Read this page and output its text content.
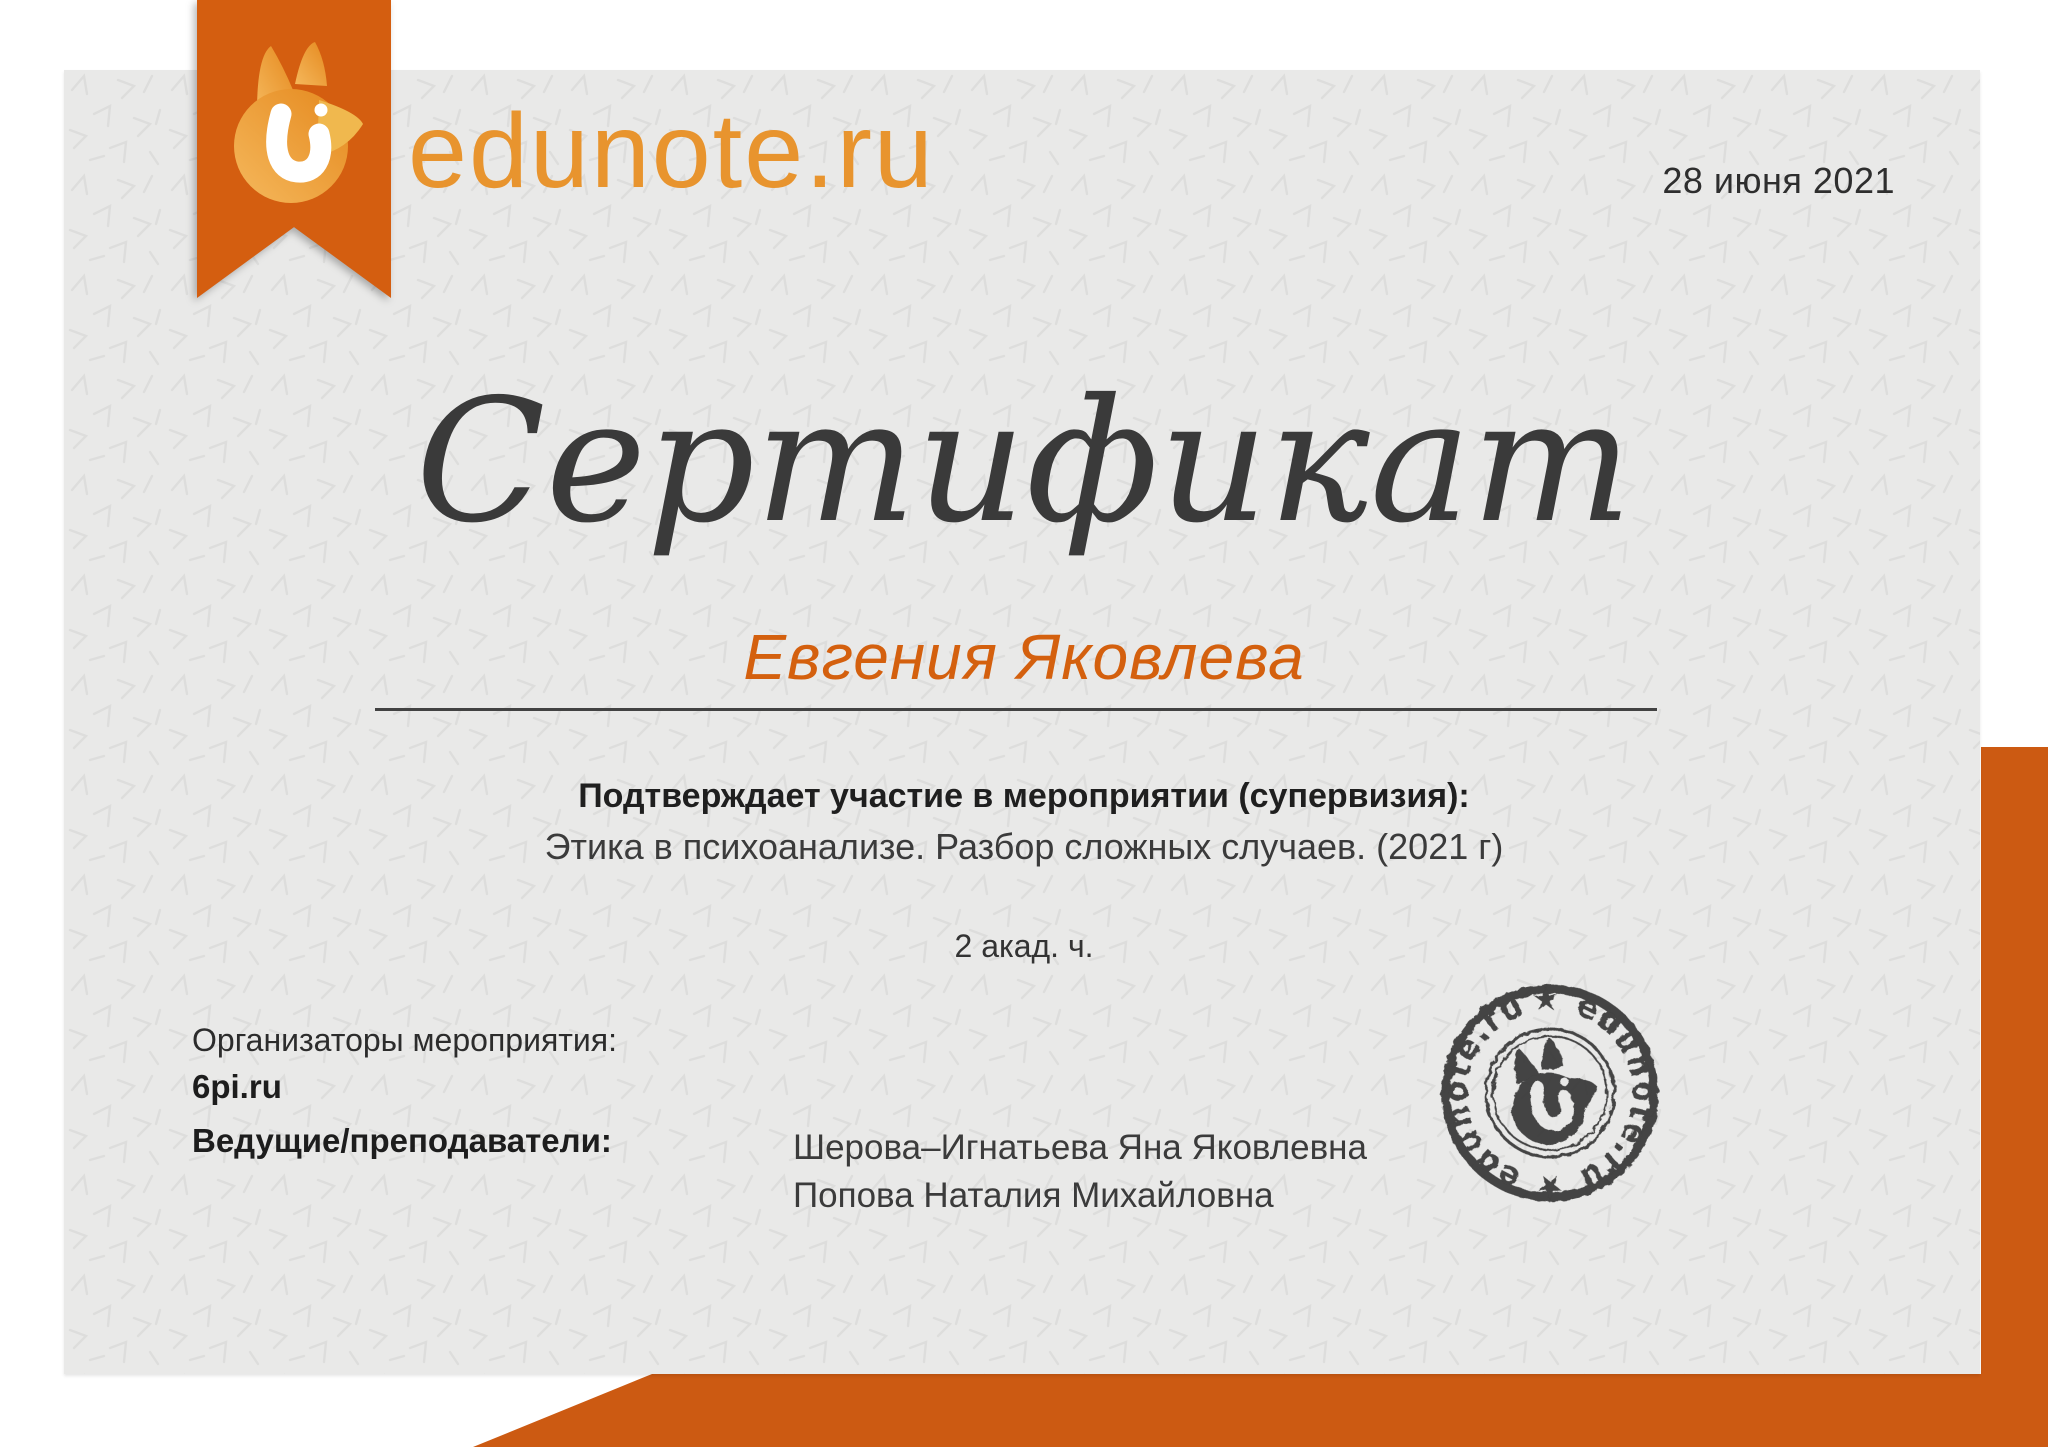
edunote.ru	28 июня 2021
Сертификат
Евгения Яковлева
Подтверждает участие в мероприятии (супервизия):
Этика в психоанализе. Разбор сложных случаев. (2021 г)
2 акад. ч.
Организаторы мероприятия:
6pi.ru
Ведущие/преподаватели:	Шерова–Игнатьева Яна Яковлевна
Попова Наталия Михайловна
★ edunote.ru ★ edunote.ru
